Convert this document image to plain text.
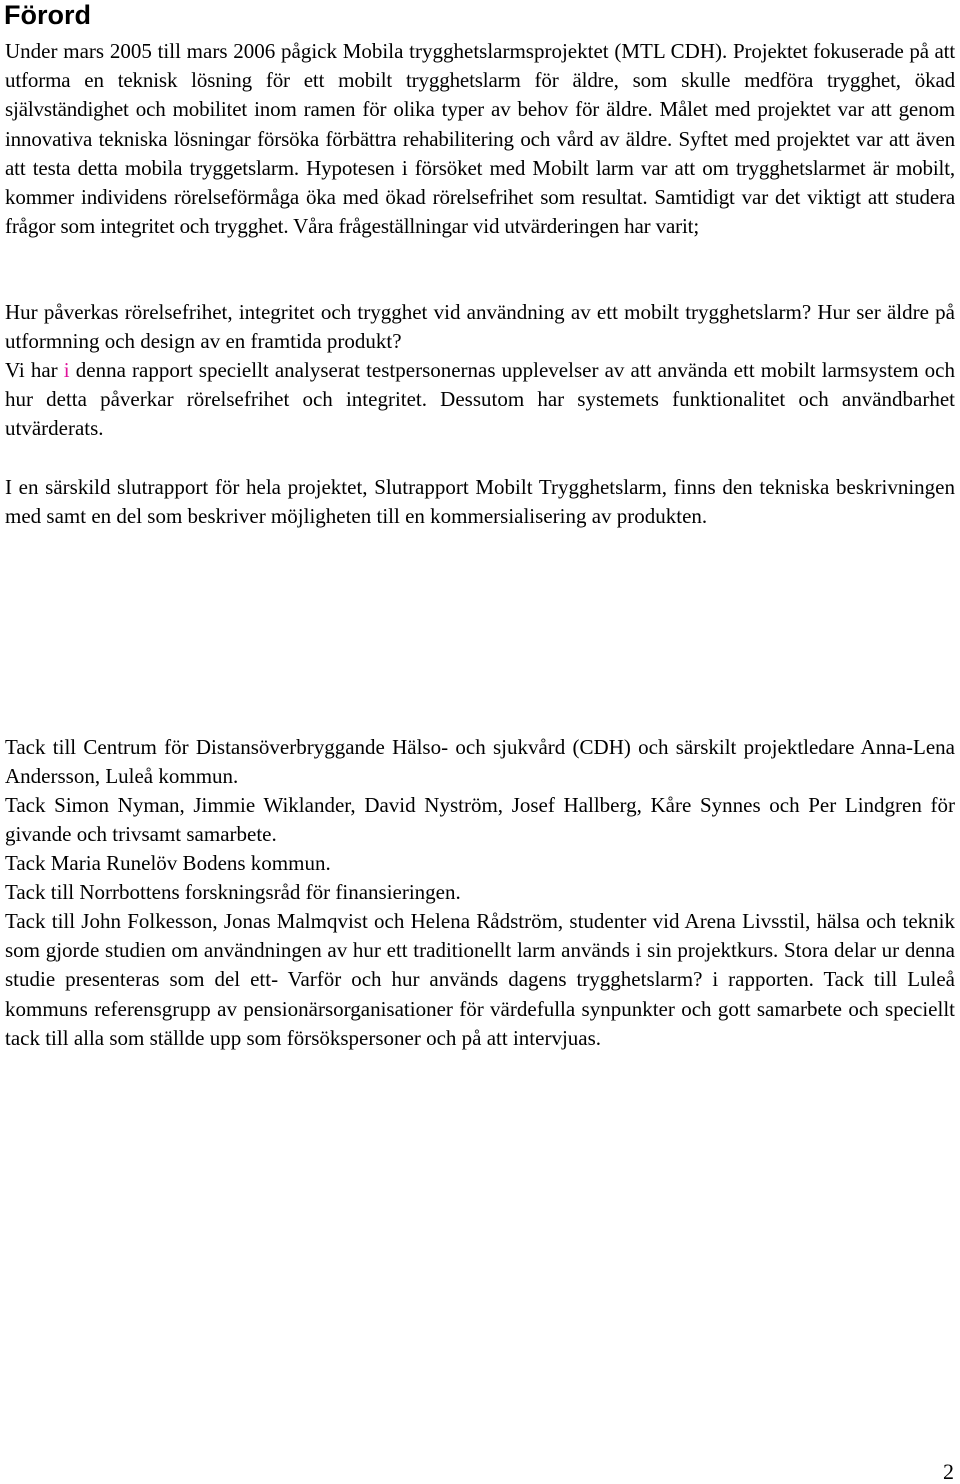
Förord

Under mars 2005 till mars 2006 pågick Mobila trygghetslarmsprojektet (MTL CDH). Projektet fokuserade på att utforma en teknisk lösning för ett mobilt trygghetslarm för äldre, som skulle medföra trygghet, ökad självständighet och mobilitet inom ramen för olika typer av behov för äldre. Målet med projektet var att genom innovativa tekniska lösningar försöka förbättra rehabilitering och vård av äldre. Syftet med projektet var att även att testa detta mobila tryggetslarm. Hypotesen i försöket med Mobilt larm var att om trygghetslarmet är mobilt, kommer individens rörelseförmåga öka med ökad rörelsefrihet som resultat. Samtidigt var det viktigt att studera frågor som integritet och trygghet. Våra frågeställningar vid utvärderingen har varit;

Hur påverkas rörelsefrihet, integritet och trygghet vid användning av ett mobilt trygghetslarm? Hur ser äldre på utformning och design av en framtida produkt?

Vi har i denna rapport speciellt analyserat testpersonernas upplevelser av att använda ett mobilt larmsystem och hur detta påverkar rörelsefrihet och integritet. Dessutom har systemets funktionalitet och användbarhet utvärderats.

I en särskild slutrapport för hela projektet, Slutrapport Mobilt Trygghetslarm, finns den tekniska beskrivningen med samt en del som beskriver möjligheten till en kommersialisering av produkten.

Tack till Centrum för Distansöverbryggande Hälso- och sjukvård (CDH) och särskilt projektledare Anna-Lena Andersson, Luleå kommun.

Tack Simon Nyman, Jimmie Wiklander, David Nyström, Josef Hallberg, Kåre Synnes och Per Lindgren för givande och trivsamt samarbete.

Tack Maria Runelöv Bodens kommun.

Tack till Norrbottens forskningsråd för finansieringen.

Tack till John Folkesson, Jonas Malmqvist och Helena Rådström, studenter vid Arena Livsstil, hälsa och teknik som gjorde studien om användningen av hur ett traditionellt larm används i sin projektkurs. Stora delar ur denna studie presenteras som del ett- Varför och hur används dagens trygghetslarm? i rapporten. Tack till Luleå kommuns referensgrupp av pensionärsorganisationer för värdefulla synpunkter och gott samarbete och speciellt tack till alla som ställde upp som försökspersoner och på att intervjuas.

2
